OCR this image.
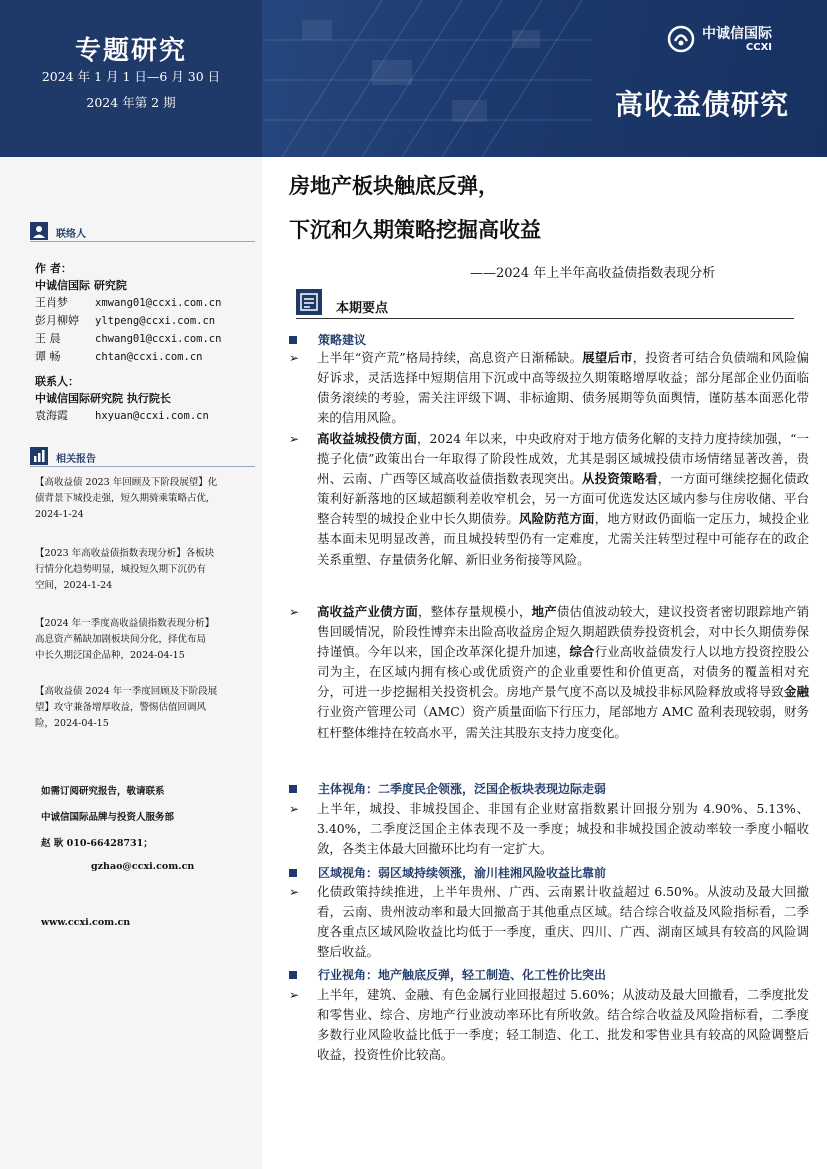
专题研究
2024 年 1 月 1 日—6 月 30 日
2024 年第 2 期
中诚信国际
CCXI
高收益债研究
联络人
作 者：
中诚信国际 研究院
王肖梦	xmwang01@ccxi.com.cn
彭月柳婷 yltpeng@ccxi.com.cn
王 晨	chwang01@ccxi.com.cn
谭 畅	chtan@ccxi.com.cn
联系人：
中诚信国际研究院 执行院长
袁海霞	hxyuan@ccxi.com.cn
相关报告
【高收益债 2023 年回顾及下阶段展望】化
债背景下城投走强，短久期骑乘策略占优,
2024-1-24
【2023 年高收益债指数表现分析】各板块
行情分化趋势明显，城投短久期下沉仍有
空间，2024-1-24
【2024 年一季度高收益债指数表现分析】
高息资产稀缺加剧板块间分化，择优布局
中长久期泛国企品种，2024-04-15
【高收益债 2024 年一季度回顾及下阶段展
望】攻守兼备增厚收益，警惕估值回调风
险，2024-04-15
如需订阅研究报告，敬请联系
中诚信国际品牌与投资人服务部
赵 耿 010-66428731；
gzhao@ccxi.com.cn
www.ccxi.com.cn
房地产板块触底反弹，
下沉和久期策略挖掘高收益
——2024 年上半年高收益债指数表现分析
本期要点
策略建议
➢ 上半年“资产荒”格局持续，高息资产日渐稀缺。展望后市，投资者可结合负债端和风险偏好诉求，灵活选择中短期信用下沉或中高等级拉久期策略增厚收益；部分尾部企业仍面临债务滚续的考验，需关注评级下调、非标逾期、债务展期等负面舆情，谨防基本面恶化带来的信用风险。
➢ 高收益城投债方面，2024 年以来，中央政府对于地方债务化解的支持力度持续加强，“一揽子化债”政策出台一年取得了阶段性成效，尤其是弱区域城投债市场情绪显著改善，贵州、云南、广西等区域高收益债指数表现突出。从投资策略看，一方面可继续挖掘化债政策利好新落地的区域超额利差收窄机会，另一方面可优选发达区域内参与住房收储、平台整合转型的城投企业中长久期债券。风险防范方面，地方财政仍面临一定压力，城投企业基本面未见明显改善，而且城投转型仍有一定难度，尤需关注转型过程中可能存在的政企关系重塑、存量债务化解、新旧业务衔接等风险。
➢ 高收益产业债方面，整体存量规模小，地产债估值波动较大，建议投资者密切跟踪地产销售回暖情况，阶段性博弈未出险高收益房企短久期超跌债券投资机会，对中长久期债券保持谨慎。今年以来，国企改革深化提升加速，综合行业高收益债发行人以地方投资控股公司为主，在区域内拥有核心或优质资产的企业重要性和价值更高，对债务的覆盖相对充分，可进一步挖掘相关投资机会。房地产景气度不高以及城投非标风险释放或将导致金融行业资产管理公司（AMC）资产质量面临下行压力，尾部地方 AMC 盈利表现较弱，财务杠杆整体维持在较高水平，需关注其股东支持力度变化。
主体视角：二季度民企领涨，泛国企板块表现边际走弱
➢ 上半年，城投、非城投国企、非国有企业财富指数累计回报分别为 4.90%、5.13%、3.40%，二季度泛国企主体表现不及一季度；城投和非城投国企波动率较一季度小幅收敛，各类主体最大回撤环比均有一定扩大。
区域视角：弱区域持续领涨，渝川桂湘风险收益比靠前
➢ 化债政策持续推进，上半年贵州、广西、云南累计收益超过 6.50%。从波动及最大回撤看，云南、贵州波动率和最大回撤高于其他重点区域。结合综合收益及风险指标看，二季度各重点区域风险收益比均低于一季度，重庆、四川、广西、湖南区域具有较高的风险调整后收益。
行业视角：地产触底反弹，轻工制造、化工性价比突出
➢ 上半年，建筑、金融、有色金属行业回报超过 5.60%；从波动及最大回撤看，二季度批发和零售业、综合、房地产行业波动率环比有所收敛。结合综合收益及风险指标看，二季度多数行业风险收益比低于一季度；轻工制造、化工、批发和零售业具有较高的风险调整后收益，投资性价比较高。
